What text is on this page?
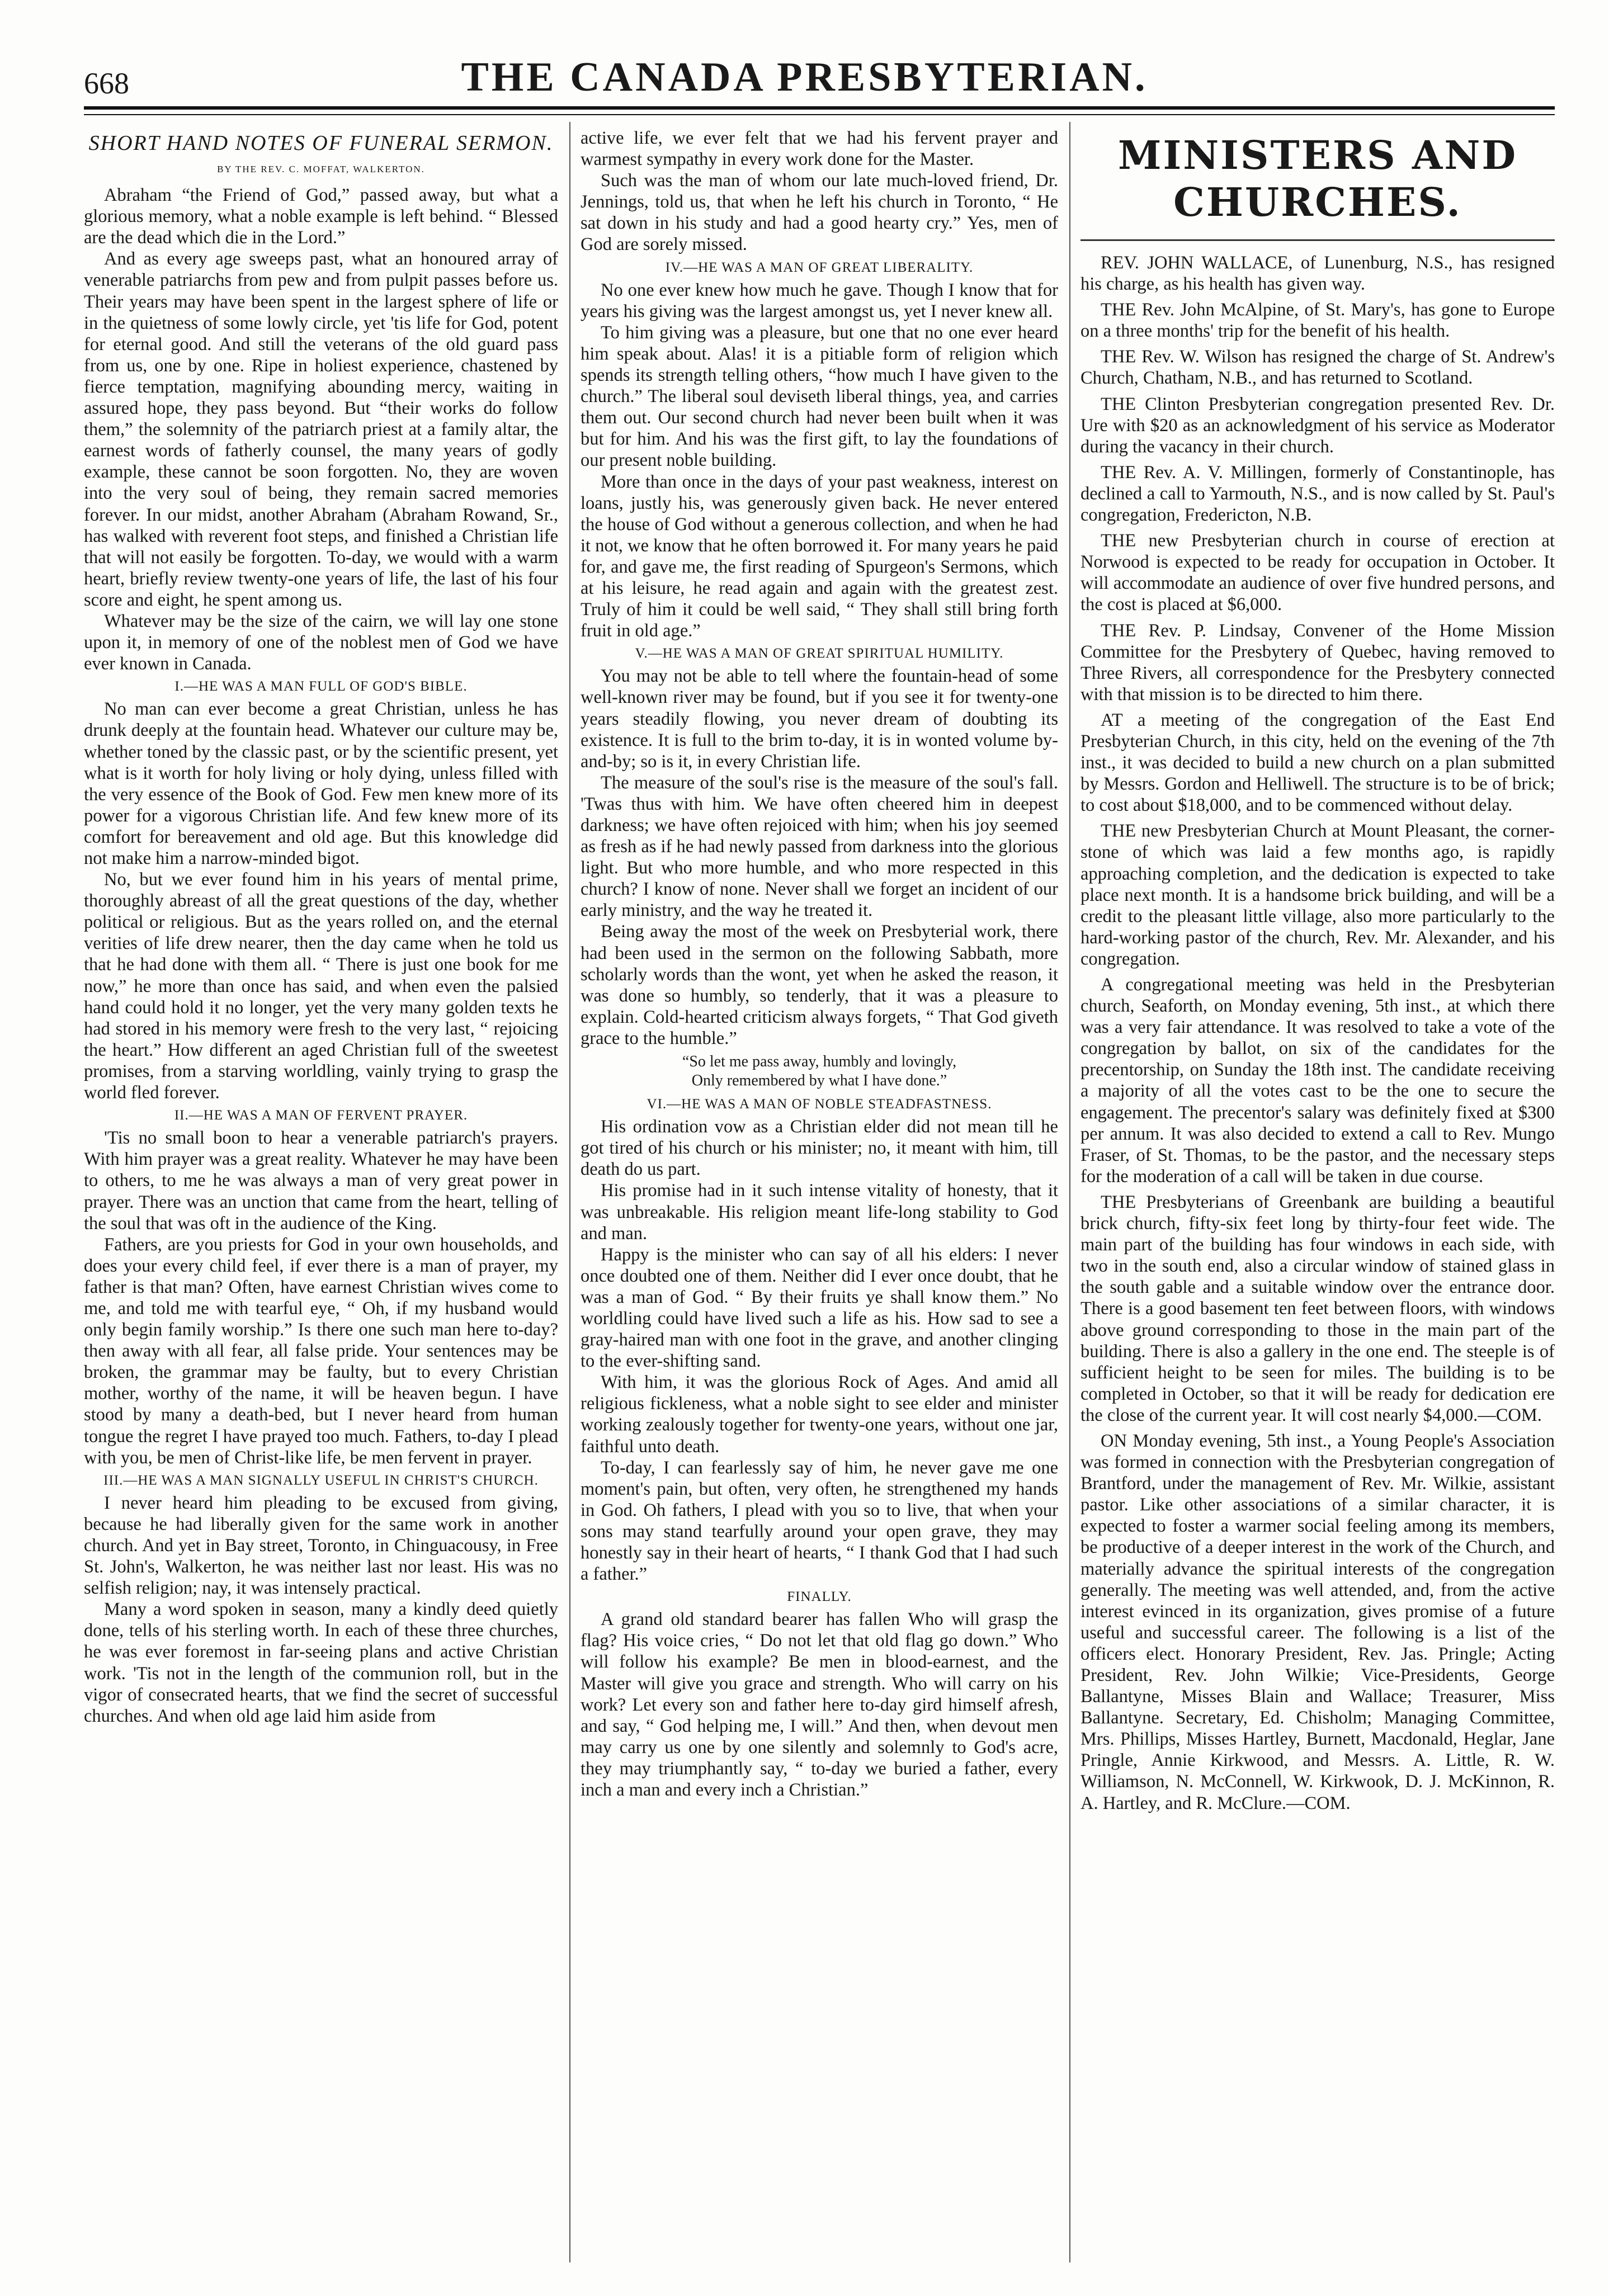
668	THE CANADA PRESBYTERIAN.
SHORT HAND NOTES OF FUNERAL SERMON.
BY THE REV. C. MOFFAT, WALKERTON.

Abraham “the Friend of God,” passed away, but what a glorious memory, what a noble example is left behind. “ Blessed are the dead which die in the Lord.”

And as every age sweeps past, what an honoured array of venerable patriarchs from pew and from pulpit passes before us. Their years may have been spent in the largest sphere of life or in the quietness of some lowly circle, yet 'tis life for God, potent for eternal good. And still the veterans of the old guard pass from us, one by one. Ripe in holiest experience, chastened by fierce temptation, magnifying abounding mercy, waiting in assured hope, they pass beyond. But “their works do follow them,” the solemnity of the patriarch priest at a family altar, the earnest words of fatherly counsel, the many years of godly example, these cannot be soon forgotten. No, they are woven into the very soul of being, they remain sacred memories forever. In our midst, another Abraham (Abraham Rowand, Sr., has walked with reverent foot steps, and finished a Christian life that will not easily be forgotten. To-day, we would with a warm heart, briefly review twenty-one years of life, the last of his four score and eight, he spent among us.

Whatever may be the size of the cairn, we will lay one stone upon it, in memory of one of the noblest men of God we have ever known in Canada.

I.—HE WAS A MAN FULL OF GOD'S BIBLE.

No man can ever become a great Christian, unless he has drunk deeply at the fountain head. Whatever our culture may be, whether toned by the classic past, or by the scientific present, yet what is it worth for holy living or holy dying, unless filled with the very essence of the Book of God. Few men knew more of its power for a vigorous Christian life. And few knew more of its comfort for bereavement and old age. But this knowledge did not make him a narrow-minded bigot.

No, but we ever found him in his years of mental prime, thoroughly abreast of all the great questions of the day, whether political or religious. But as the years rolled on, and the eternal verities of life drew nearer, then the day came when he told us that he had done with them all. “ There is just one book for me now,” he more than once has said, and when even the palsied hand could hold it no longer, yet the very many golden texts he had stored in his memory were fresh to the very last, “ rejoicing the heart.” How different an aged Christian full of the sweetest promises, from a starving worldling, vainly trying to grasp the world fled forever.

II.—HE WAS A MAN OF FERVENT PRAYER.

'Tis no small boon to hear a venerable patriarch's prayers. With him prayer was a great reality. Whatever he may have been to others, to me he was always a man of very great power in prayer. There was an unction that came from the heart, telling of the soul that was oft in the audience of the King.

Fathers, are you priests for God in your own households, and does your every child feel, if ever there is a man of prayer, my father is that man? Often, have earnest Christian wives come to me, and told me with tearful eye, “ Oh, if my husband would only begin family worship.” Is there one such man here to-day? then away with all fear, all false pride. Your sentences may be broken, the grammar may be faulty, but to every Christian mother, worthy of the name, it will be heaven begun. I have stood by many a death-bed, but I never heard from human tongue the regret I have prayed too much. Fathers, to-day I plead with you, be men of Christ-like life, be men fervent in prayer.

III.—HE WAS A MAN SIGNALLY USEFUL IN CHRIST'S CHURCH.

I never heard him pleading to be excused from giving, because he had liberally given for the same work in another church. And yet in Bay street, Toronto, in Chinguacousy, in Free St. John's, Walkerton, he was neither last nor least. His was no selfish religion; nay, it was intensely practical.

Many a word spoken in season, many a kindly deed quietly done, tells of his sterling worth. In each of these three churches, he was ever foremost in far-seeing plans and active Christian work. 'Tis not in the length of the communion roll, but in the vigor of consecrated hearts, that we find the secret of successful churches. And when old age laid him aside from

active life, we ever felt that we had his fervent prayer and warmest sympathy in every work done for the Master.

Such was the man of whom our late much-loved friend, Dr. Jennings, told us, that when he left his church in Toronto, “ He sat down in his study and had a good hearty cry.” Yes, men of God are sorely missed.

IV.—HE WAS A MAN OF GREAT LIBERALITY.

No one ever knew how much he gave. Though I know that for years his giving was the largest amongst us, yet I never knew all.

To him giving was a pleasure, but one that no one ever heard him speak about. Alas! it is a pitiable form of religion which spends its strength telling others, “how much I have given to the church.” The liberal soul deviseth liberal things, yea, and carries them out. Our second church had never been built when it was but for him. And his was the first gift, to lay the foundations of our present noble building.

More than once in the days of your past weakness, interest on loans, justly his, was generously given back. He never entered the house of God without a generous collection, and when he had it not, we know that he often borrowed it. For many years he paid for, and gave me, the first reading of Spurgeon's Sermons, which at his leisure, he read again and again with the greatest zest. Truly of him it could be well said, “ They shall still bring forth fruit in old age.”

V.—HE WAS A MAN OF GREAT SPIRITUAL HUMILITY.

You may not be able to tell where the fountain-head of some well-known river may be found, but if you see it for twenty-one years steadily flowing, you never dream of doubting its existence. It is full to the brim to-day, it is in wonted volume by-and-by; so is it, in every Christian life.

The measure of the soul's rise is the measure of the soul's fall. 'Twas thus with him. We have often cheered him in deepest darkness; we have often rejoiced with him; when his joy seemed as fresh as if he had newly passed from darkness into the glorious light. But who more humble, and who more respected in this church? I know of none. Never shall we forget an incident of our early ministry, and the way he treated it.

Being away the most of the week on Presbyterial work, there had been used in the sermon on the following Sabbath, more scholarly words than the wont, yet when he asked the reason, it was done so humbly, so tenderly, that it was a pleasure to explain. Cold-hearted criticism always forgets, “ That God giveth grace to the humble.”

“So let me pass away, humbly and lovingly,
Only remembered by what I have done.”
VI.—HE WAS A MAN OF NOBLE STEADFASTNESS.

His ordination vow as a Christian elder did not mean till he got tired of his church or his minister; no, it meant with him, till death do us part.

His promise had in it such intense vitality of honesty, that it was unbreakable. His religion meant life-long stability to God and man.

Happy is the minister who can say of all his elders: I never once doubted one of them. Neither did I ever once doubt, that he was a man of God. “ By their fruits ye shall know them.” No worldling could have lived such a life as his. How sad to see a gray-haired man with one foot in the grave, and another clinging to the ever-shifting sand.

With him, it was the glorious Rock of Ages. And amid all religious fickleness, what a noble sight to see elder and minister working zealously together for twenty-one years, without one jar, faithful unto death.

To-day, I can fearlessly say of him, he never gave me one moment's pain, but often, very often, he strengthened my hands in God. Oh fathers, I plead with you so to live, that when your sons may stand tearfully around your open grave, they may honestly say in their heart of hearts, “ I thank God that I had such a father.”

FINALLY.

A grand old standard bearer has fallen Who will grasp the flag? His voice cries, “ Do not let that old flag go down.” Who will follow his example? Be men in blood-earnest, and the Master will give you grace and strength. Who will carry on his work? Let every son and father here to-day gird himself afresh, and say, “ God helping me, I will.” And then, when devout men may carry us one by one silently and solemnly to God's acre, they may triumphantly say, “ to-day we buried a father, every inch a man and every inch a Christian.”

MINISTERS AND CHURCHES.

REV. JOHN WALLACE, of Lunenburg, N.S., has resigned his charge, as his health has given way.

THE Rev. John McAlpine, of St. Mary's, has gone to Europe on a three months' trip for the benefit of his health.

THE Rev. W. Wilson has resigned the charge of St. Andrew's Church, Chatham, N.B., and has returned to Scotland.

THE Clinton Presbyterian congregation presented Rev. Dr. Ure with $20 as an acknowledgment of his service as Moderator during the vacancy in their church.

THE Rev. A. V. Millingen, formerly of Constantinople, has declined a call to Yarmouth, N.S., and is now called by St. Paul's congregation, Fredericton, N.B.

THE new Presbyterian church in course of erection at Norwood is expected to be ready for occupation in October. It will accommodate an audience of over five hundred persons, and the cost is placed at $6,000.

THE Rev. P. Lindsay, Convener of the Home Mission Committee for the Presbytery of Quebec, having removed to Three Rivers, all correspondence for the Presbytery connected with that mission is to be directed to him there.

AT a meeting of the congregation of the East End Presbyterian Church, in this city, held on the evening of the 7th inst., it was decided to build a new church on a plan submitted by Messrs. Gordon and Helliwell. The structure is to be of brick; to cost about $18,000, and to be commenced without delay.

THE new Presbyterian Church at Mount Pleasant, the corner-stone of which was laid a few months ago, is rapidly approaching completion, and the dedication is expected to take place next month. It is a handsome brick building, and will be a credit to the pleasant little village, also more particularly to the hard-working pastor of the church, Rev. Mr. Alexander, and his congregation.

A congregational meeting was held in the Presbyterian church, Seaforth, on Monday evening, 5th inst., at which there was a very fair attendance. It was resolved to take a vote of the congregation by ballot, on six of the candidates for the precentorship, on Sunday the 18th inst. The candidate receiving a majority of all the votes cast to be the one to secure the engagement. The precentor's salary was definitely fixed at $300 per annum. It was also decided to extend a call to Rev. Mungo Fraser, of St. Thomas, to be the pastor, and the necessary steps for the moderation of a call will be taken in due course.

THE Presbyterians of Greenbank are building a beautiful brick church, fifty-six feet long by thirty-four feet wide. The main part of the building has four windows in each side, with two in the south end, also a circular window of stained glass in the south gable and a suitable window over the entrance door. There is a good basement ten feet between floors, with windows above ground corresponding to those in the main part of the building. There is also a gallery in the one end. The steeple is of sufficient height to be seen for miles. The building is to be completed in October, so that it will be ready for dedication ere the close of the current year. It will cost nearly $4,000.—COM.

ON Monday evening, 5th inst., a Young People's Association was formed in connection with the Presbyterian congregation of Brantford, under the management of Rev. Mr. Wilkie, assistant pastor. Like other associations of a similar character, it is expected to foster a warmer social feeling among its members, be productive of a deeper interest in the work of the Church, and materially advance the spiritual interests of the congregation generally. The meeting was well attended, and, from the active interest evinced in its organization, gives promise of a future useful and successful career. The following is a list of the officers elect. Honorary President, Rev. Jas. Pringle; Acting President, Rev. John Wilkie; Vice-Presidents, George Ballantyne, Misses Blain and Wallace; Treasurer, Miss Ballantyne. Secretary, Ed. Chisholm; Managing Committee, Mrs. Phillips, Misses Hartley, Burnett, Macdonald, Heglar, Jane Pringle, Annie Kirkwood, and Messrs. A. Little, R. W. Williamson, N. McConnell, W. Kirkwook, D. J. McKinnon, R. A. Hartley, and R. McClure.—COM.
